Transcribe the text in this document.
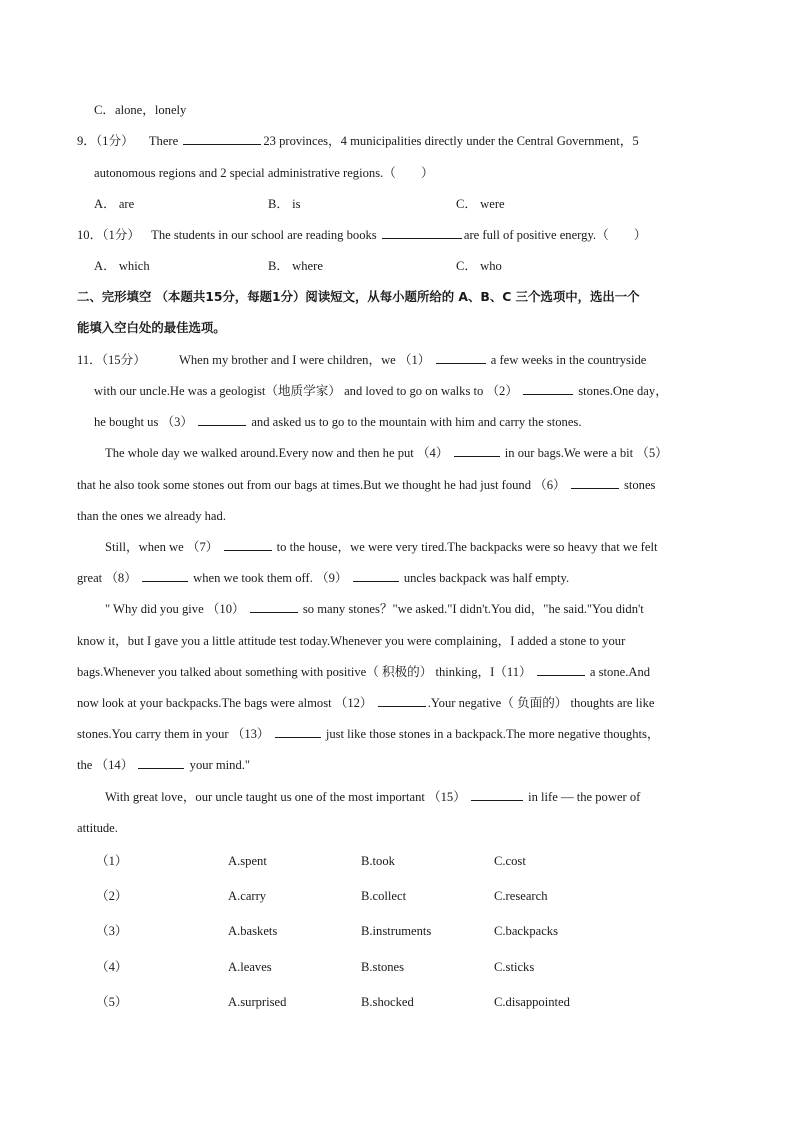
C．alone，lonely
9．（1分） There	23 provinces，4 municipalities directly under the Central Government，5
autonomous regions and 2 special administrative regions.（　　）
A． are	B． is	C． were
10．（1分） The students in our school are reading books	are full of positive energy.（　　）
A． which	B． where	C． who
二、完形填空 （本题共15分，每题1分）阅读短文，从每小题所给的 A、B、C 三个选项中，选出一个
能填入空白处的最佳选项。
11．（15分）	When my brother and I were children，we （1）	a few weeks in the countryside
with our uncle.He was a geologist（地质学家） and loved to go on walks to （2）	stones.One day，
he bought us （3）	and asked us to go to the mountain with him and carry the stones.
The whole day we walked around.Every now and then he put （4）	in our bags.We were a bit （5）
that he also took some stones out from our bags at times.But we thought he had just found （6）	stones
than the ones we already had.
Still，when we （7）	to the house，we were very tired.The backpacks were so heavy that we felt
great （8）	when we took them off. （9）	uncles backpack was half empty.
" Why did you give （10）	so many stones？"we asked."I didn't.You did，"he said."You didn't
know it，but I gave you a little attitude test today.Whenever you were complaining，I added a stone to your
bags.Whenever you talked about something with positive（ 积极的） thinking，I（11）	a stone.And
now look at your backpacks.The bags were almost （12）	.Your negative（ 负面的） thoughts are like
stones.You carry them in your （13）	just like those stones in a backpack.The more negative thoughts，
the （14）	your mind."
With great love，our uncle taught us one of the most important （15）	in life — the power of
attitude.
（1）	A.spent	B.took	C.cost
（2）	A.carry	B.collect	C.research
（3）	A.baskets	B.instruments	C.backpacks
（4）	A.leaves	B.stones	C.sticks
（5）	A.surprised	B.shocked	C.disappointed
